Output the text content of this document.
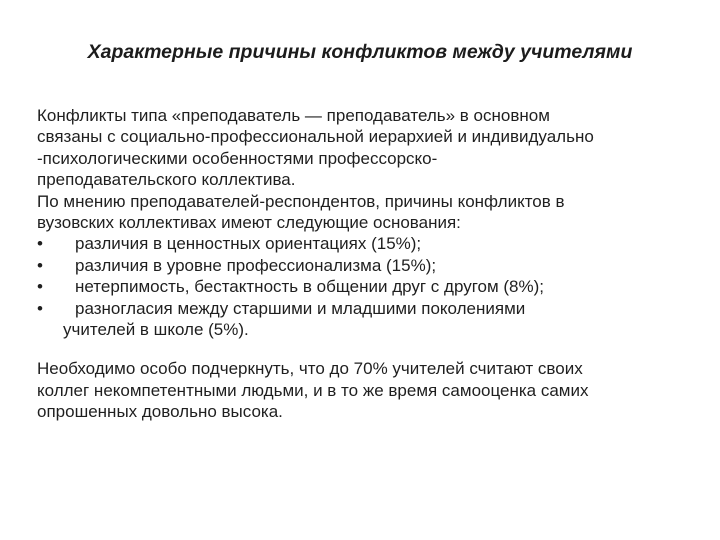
Характерные причины конфликтов между учителями
Конфликты типа «преподаватель — преподаватель» в основном
связаны с социально-профессиональной иерархией и индивидуально
-психологическими особенностями профессорско-
преподавательского коллектива.
По мнению преподавателей-респондентов, причины конфликтов в
вузовских коллективах имеют следующие основания:
•	различия в ценностных ориентациях (15%);
•	различия в уровне профессионализма (15%);
•	нетерпимость, бестактность в общении друг с другом (8%);
•	разногласия между старшими и младшими поколениями
учителей в школе (5%).
Необходимо особо подчеркнуть, что до 70% учителей считают своих
коллег некомпетентными людьми, и в то же время самооценка самих
опрошенных довольно высока.
